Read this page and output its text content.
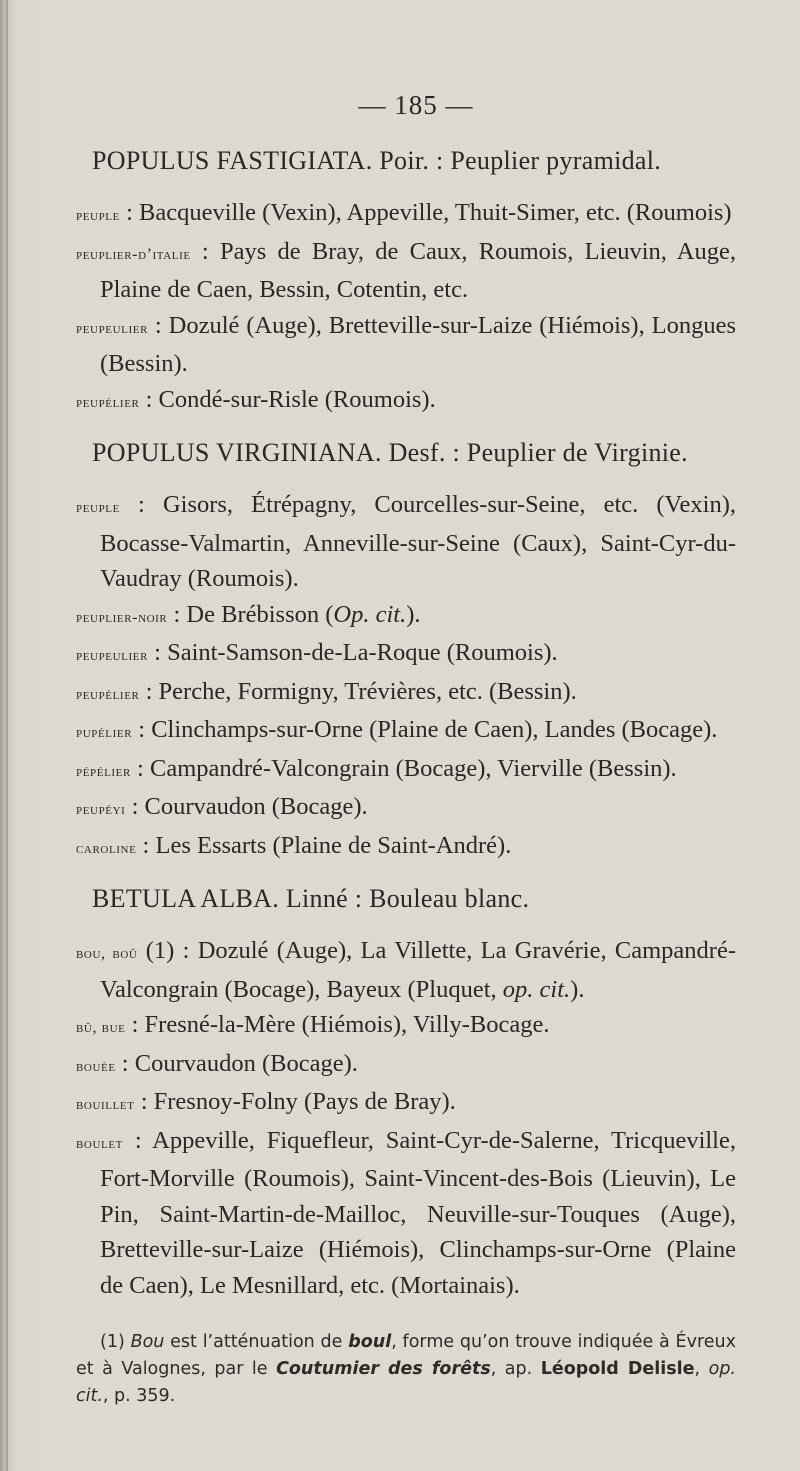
— 185 —
POPULUS FASTIGIATA. Poir. : Peuplier pyramidal.

peuple : Bacqueville (Vexin), Appeville, Thuit-Simer, etc. (Roumois)

peuplier-d’italie : Pays de Bray, de Caux, Roumois, Lieuvin, Auge, Plaine de Caen, Bessin, Cotentin, etc.

peupeulier : Dozulé (Auge), Bretteville-sur-Laize (Hiémois), Longues (Bessin).

peupélier : Condé-sur-Risle (Roumois).

POPULUS VIRGINIANA. Desf. : Peuplier de Virginie.

peuple : Gisors, Étrépagny, Courcelles-sur-Seine, etc. (Vexin), Bocasse-Valmartin, Anneville-sur-Seine (Caux), Saint-Cyr-du-Vaudray (Roumois).

peuplier-noir : De Brébisson (Op. cit.).

peupeulier : Saint-Samson-de-La-Roque (Roumois).

peupélier : Perche, Formigny, Trévières, etc. (Bessin).

pupélier : Clinchamps-sur-Orne (Plaine de Caen), Landes (Bocage).

pépélier : Campandré-Valcongrain (Bocage), Vierville (Bessin).

peupéyi : Courvaudon (Bocage).

caroline : Les Essarts (Plaine de Saint-André).

BETULA ALBA. Linné : Bouleau blanc.

bou, boû (1) : Dozulé (Auge), La Villette, La Gravérie, Campandré-Valcongrain (Bocage), Bayeux (Pluquet, op. cit.).

bû, bue : Fresné-la-Mère (Hiémois), Villy-Bocage.

bouèe : Courvaudon (Bocage).

bouillet : Fresnoy-Folny (Pays de Bray).

boulet : Appeville, Fiquefleur, Saint-Cyr-de-Salerne, Tricqueville, Fort-Morville (Roumois), Saint-Vincent-des-Bois (Lieuvin), Le Pin, Saint-Martin-de-Mailloc, Neuville-sur-Touques (Auge), Bretteville-sur-Laize (Hiémois), Clinchamps-sur-Orne (Plaine de Caen), Le Mesnillard, etc. (Mortainais).

(1) Bou est l’atténuation de boul, forme qu’on trouve indiquée à Évreux et à Valognes, par le Coutumier des forêts, ap. Léopold Delisle, op. cit., p. 359.
